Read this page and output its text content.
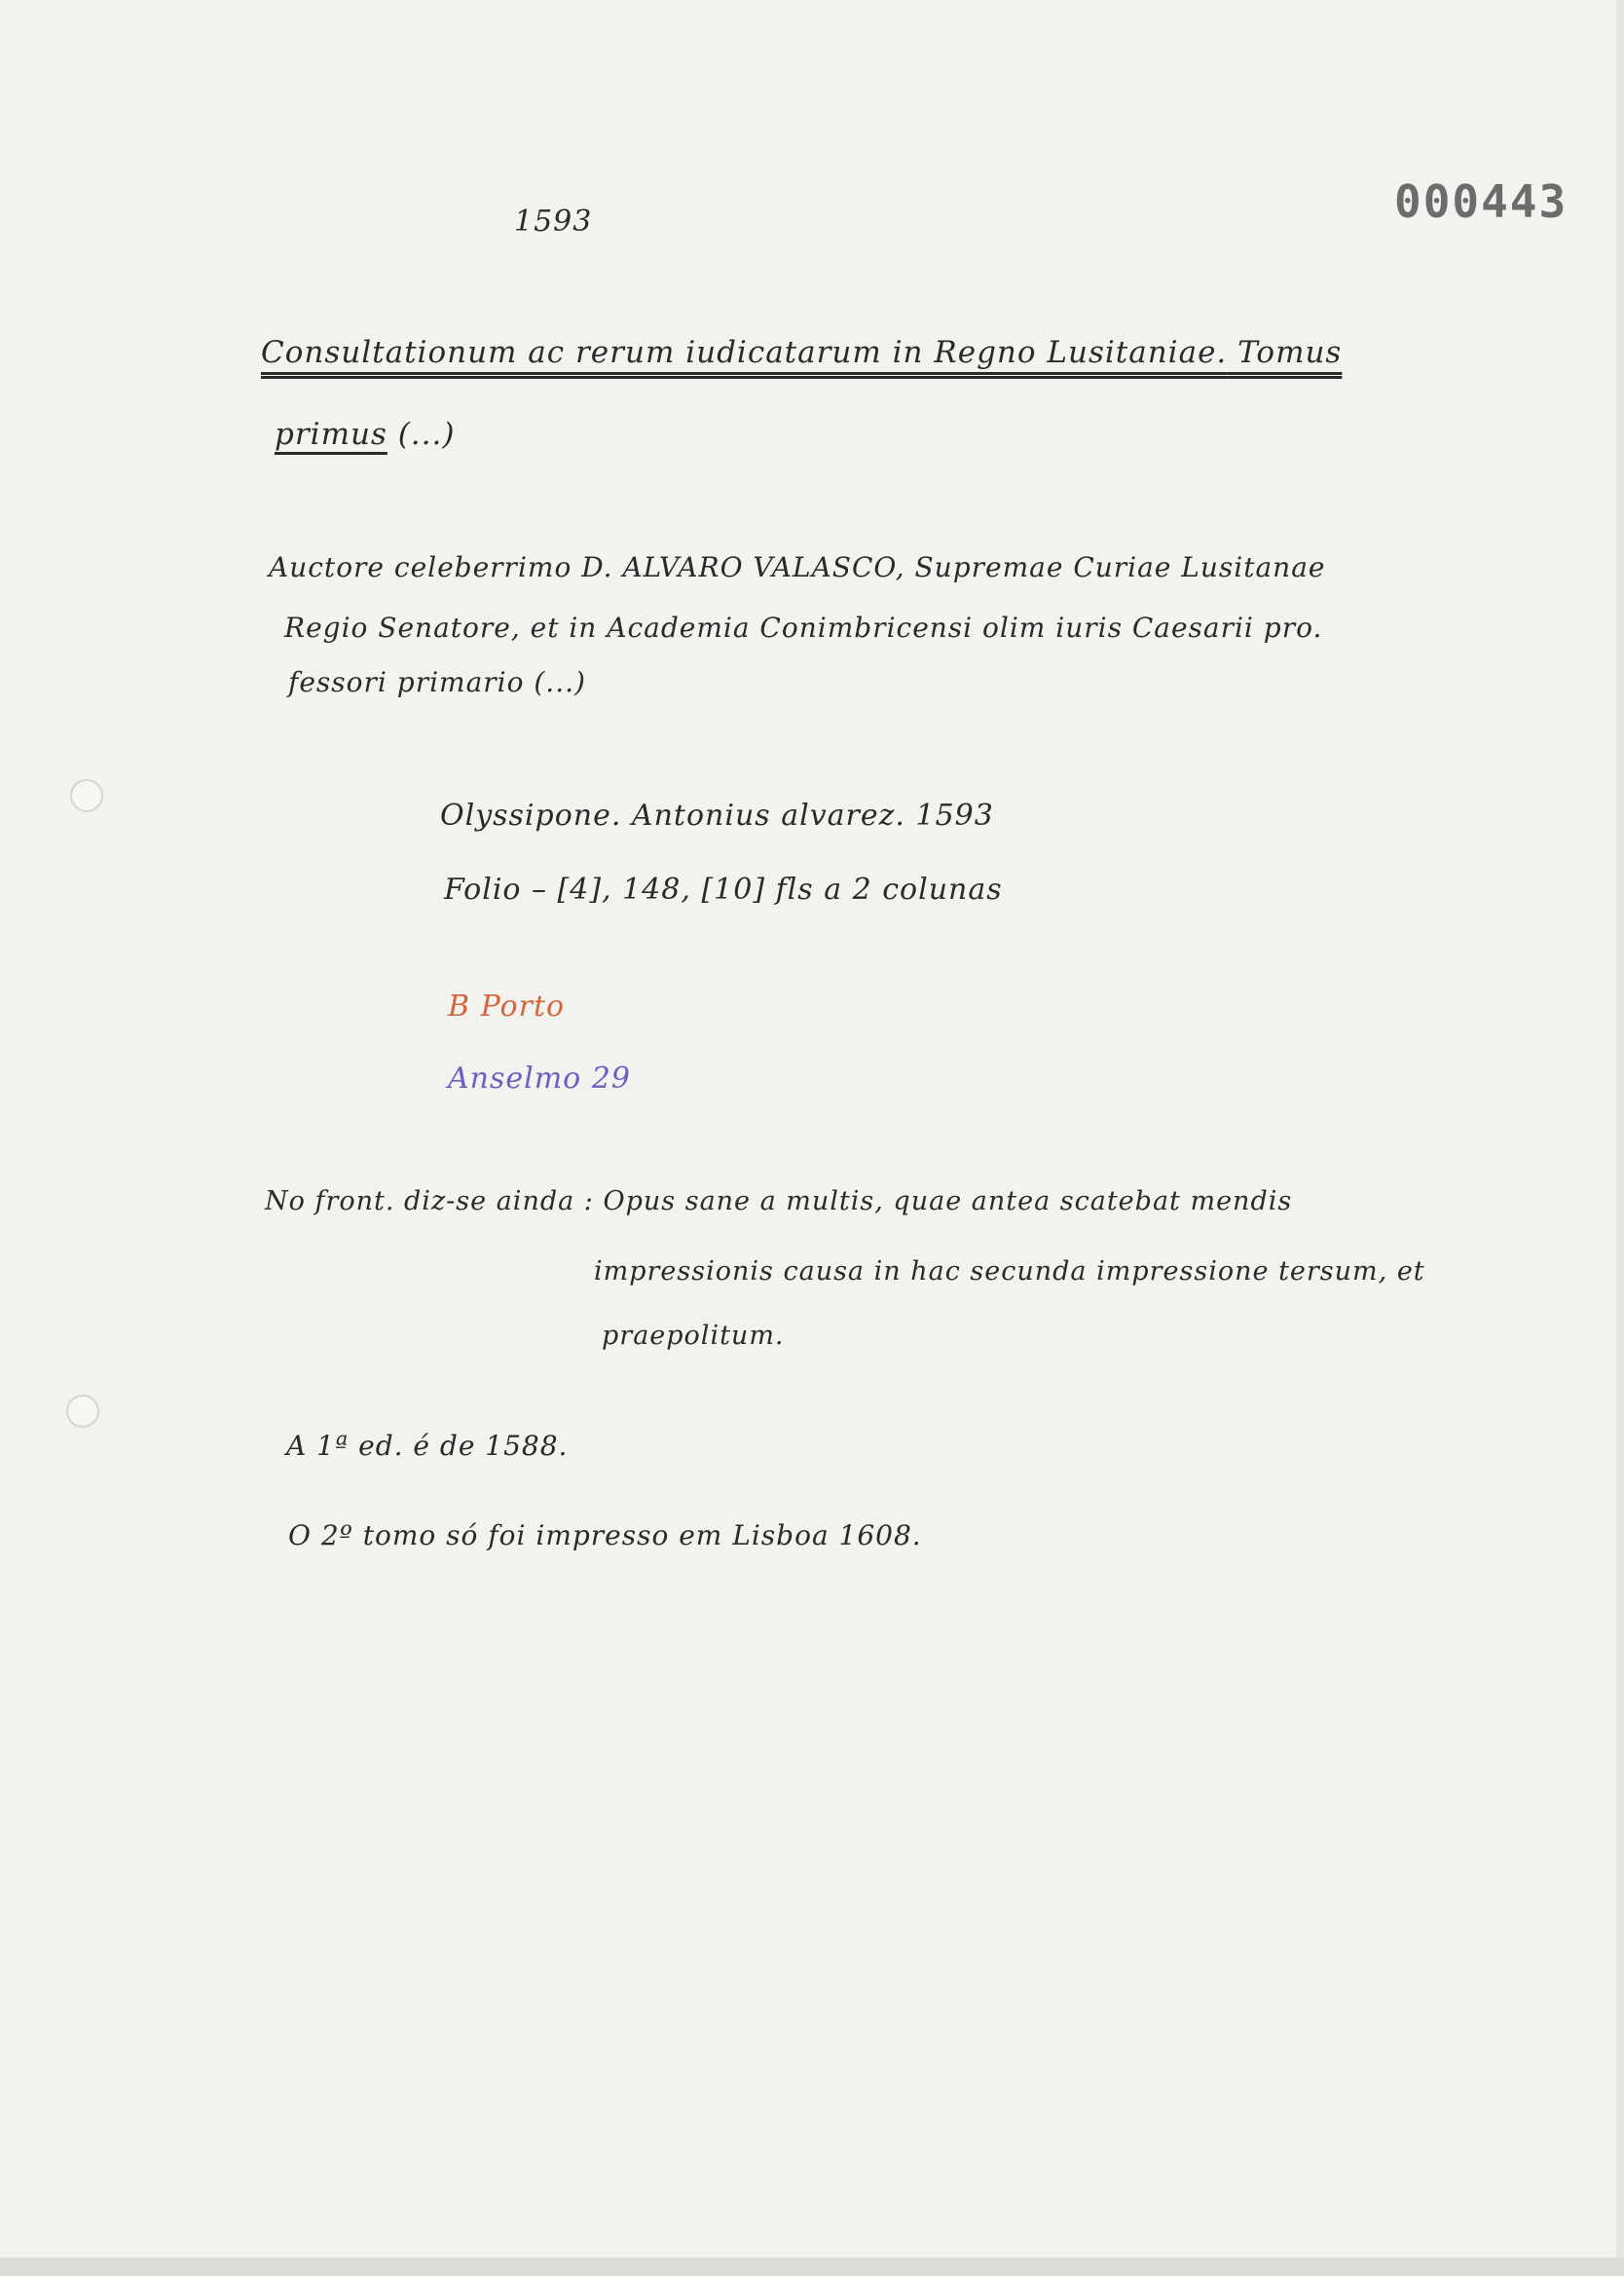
000443
1593
Consultationum ac rerum iudicatarum in Regno Lusitaniae. Tomus
primus (...)
Auctore celeberrimo D. ALVARO VALASCO, Supremae Curiae Lusitanae
Regio Senatore, et in Academia Conimbricensi olim iuris Caesarii pro.
fessori primario (...)
Olyssipone. Antonius alvarez. 1593
Folio – [4], 148, [10] fls a 2 colunas
B Porto
Anselmo 29
No front. diz-se ainda : Opus sane a multis, quae antea scatebat mendis
impressionis causa in hac secunda impressione tersum, et
praepolitum.
A 1ª ed. é de 1588.
O 2º tomo só foi impresso em Lisboa 1608.
